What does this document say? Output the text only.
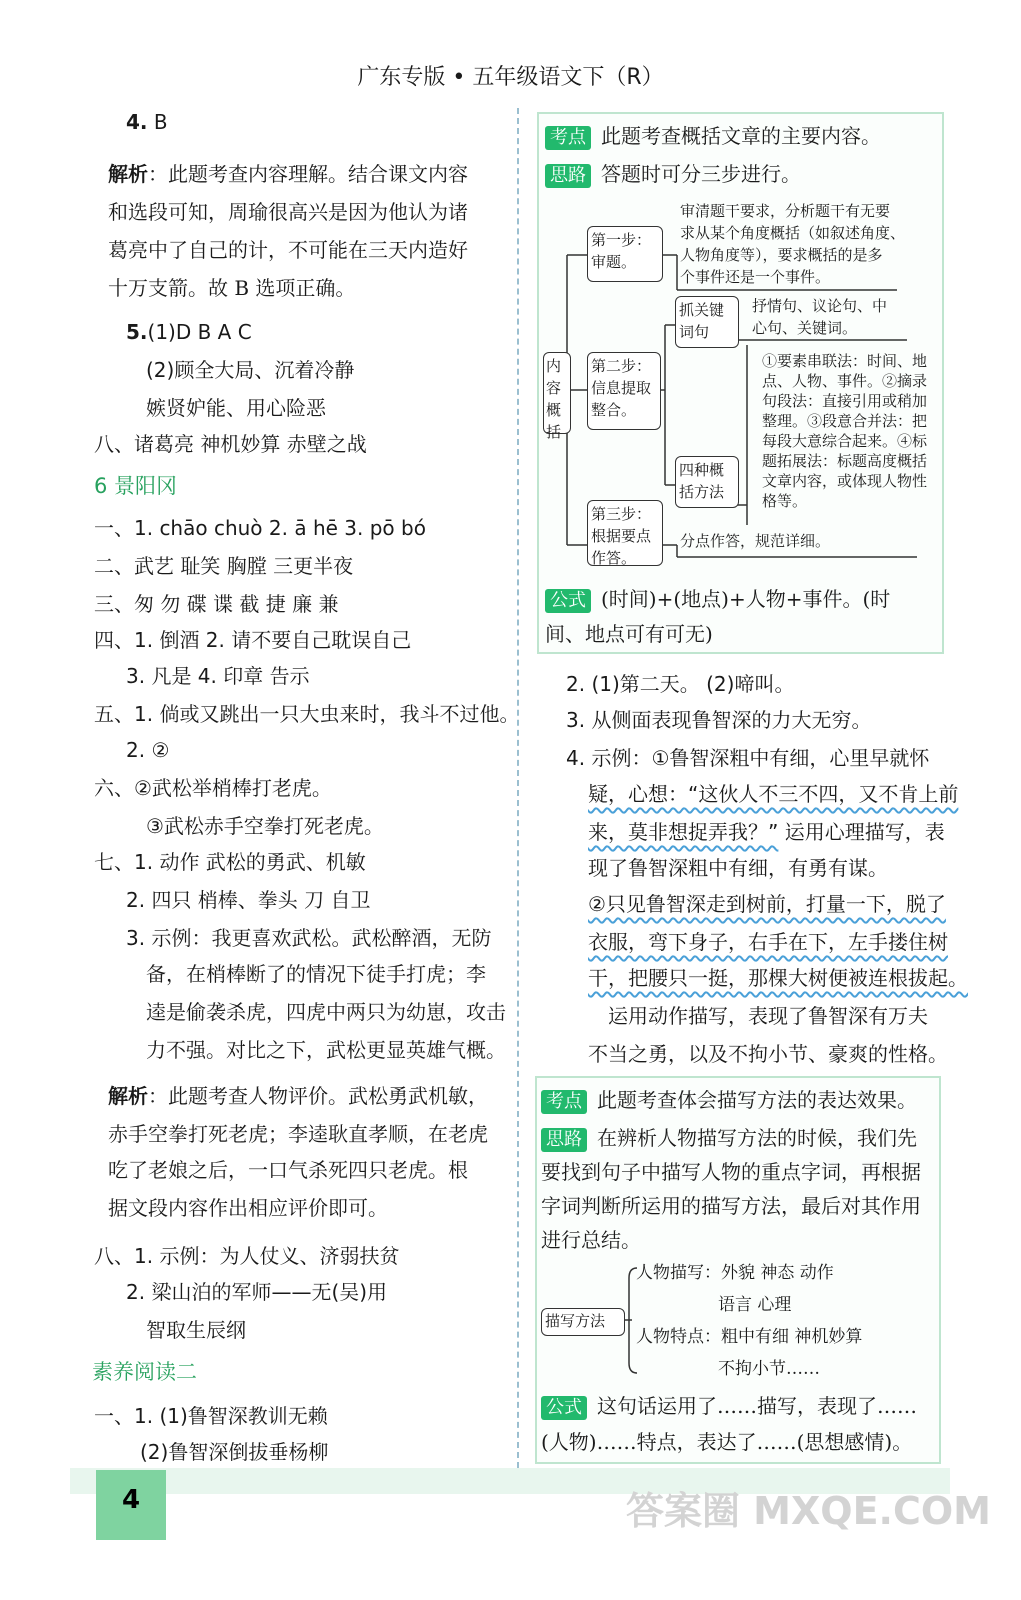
广东专版 • 五年级语文下（R）
4. B
解析：此题考查内容理解。结合课文内容
和选段可知，周瑜很高兴是因为他认为诸
葛亮中了自己的计，不可能在三天内造好
十万支箭。故 B 选项正确。
5.(1)D B A C
(2)顾全大局、沉着冷静
嫉贤妒能、用心险恶
八、诸葛亮 神机妙算 赤壁之战
6 景阳冈
一、1. chāo chuò 2. ā hē 3. pō bó
二、武艺 耻笑 胸膛 三更半夜
三、匆 勿 碟 谍 截 捷 廉 兼
四、1. 倒酒 2. 请不要自己耽误自己
3. 凡是 4. 印章 告示
五、1. 倘或又跳出一只大虫来时，我斗不过他。
2. ②
六、②武松举梢棒打老虎。
③武松赤手空拳打死老虎。
七、1. 动作 武松的勇武、机敏
2. 四只 梢棒、拳头 刀 自卫
3. 示例：我更喜欢武松。武松醉酒，无防
备，在梢棒断了的情况下徒手打虎；李
逵是偷袭杀虎，四虎中两只为幼崽，攻击
力不强。对比之下，武松更显英雄气概。
解析：此题考查人物评价。武松勇武机敏，
赤手空拳打死老虎；李逵耿直孝顺，在老虎
吃了老娘之后，一口气杀死四只老虎。根
据文段内容作出相应评价即可。
八、1. 示例：为人仗义、济弱扶贫
2. 梁山泊的军师——无(吴)用
智取生辰纲
素养阅读二
一、1. (1)鲁智深教训无赖
(2)鲁智深倒拔垂杨柳
考点 此题考查概括文章的主要内容。
思路 答题时可分三步进行。
内容概括
第一步：审题。
审清题干要求，分析题干有无要
求从某个角度概括（如叙述角度、
人物角度等），要求概括的是多
个事件还是一个事件。
第二步：信息提取整合。
抓关键词句
抒情句、议论句、中
心句、关键词。
四种概括方法
①要素串联法：时间、地
点、人物、事件。②摘录
句段法：直接引用或稍加
整理。③段意合并法：把
每段大意综合起来。④标
题拓展法：标题高度概括
文章内容，或体现人物性
格等。
第三步：根据要点作答。
分点作答，规范详细。
公式 (时间)+(地点)+人物+事件。(时
间、地点可有可无)
2. (1)第二天。 (2)啼叫。
3. 从侧面表现鲁智深的力大无穷。
4. 示例：①鲁智深粗中有细，心里早就怀
疑，心想：“这伙人不三不四，又不肯上前
来，莫非想捉弄我？” 运用心理描写，表
现了鲁智深粗中有细，有勇有谋。
②只见鲁智深走到树前，打量一下，脱了
衣服，弯下身子，右手在下，左手搂住树
干，把腰只一挺，那棵大树便被连根拔起。
运用动作描写，表现了鲁智深有万夫
不当之勇，以及不拘小节、豪爽的性格。
考点 此题考查体会描写方法的表达效果。
思路 在辨析人物描写方法的时候，我们先
要找到句子中描写人物的重点字词，再根据
字词判断所运用的描写方法，最后对其作用
进行总结。
描写方法
人物描写：外貌 神态 动作
语言 心理
人物特点：粗中有细 神机妙算
不拘小节……
公式 这句话运用了……描写，表现了……
(人物)……特点，表达了……(思想感情)。
4	答案圈 MXQE.COM
